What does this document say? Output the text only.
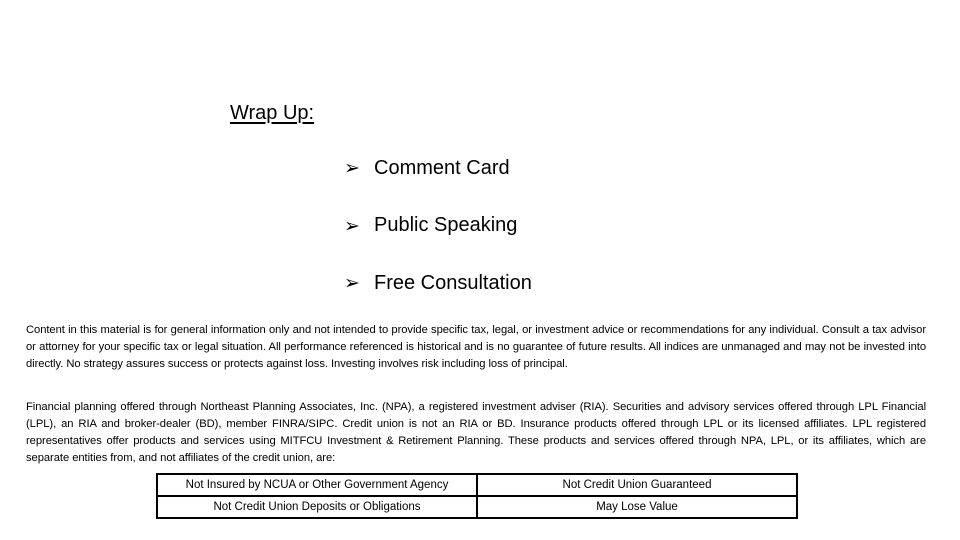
Wrap Up:
➢ Comment Card
➢ Public Speaking
➢ Free Consultation

Content in this material is for general information only and not intended to provide specific tax, legal, or investment advice or recommendations for any individual. Consult a tax advisor or attorney for your specific tax or legal situation. All performance referenced is historical and is no guarantee of future results. All indices are unmanaged and may not be invested into directly. No strategy assures success or protects against loss. Investing involves risk including loss of principal.

Financial planning offered through Northeast Planning Associates, Inc. (NPA), a registered investment adviser (RIA). Securities and advisory services offered through LPL Financial (LPL), an RIA and broker-dealer (BD), member FINRA/SIPC. Credit union is not an RIA or BD. Insurance products offered through LPL or its licensed affiliates. LPL registered representatives offer products and services using MITFCU Investment & Retirement Planning. These products and services offered through NPA, LPL, or its affiliates, which are separate entities from, and not affiliates of the credit union, are:

Not Insured by NCUA or Other Government Agency	Not Credit Union Guaranteed
Not Credit Union Deposits or Obligations	May Lose Value
